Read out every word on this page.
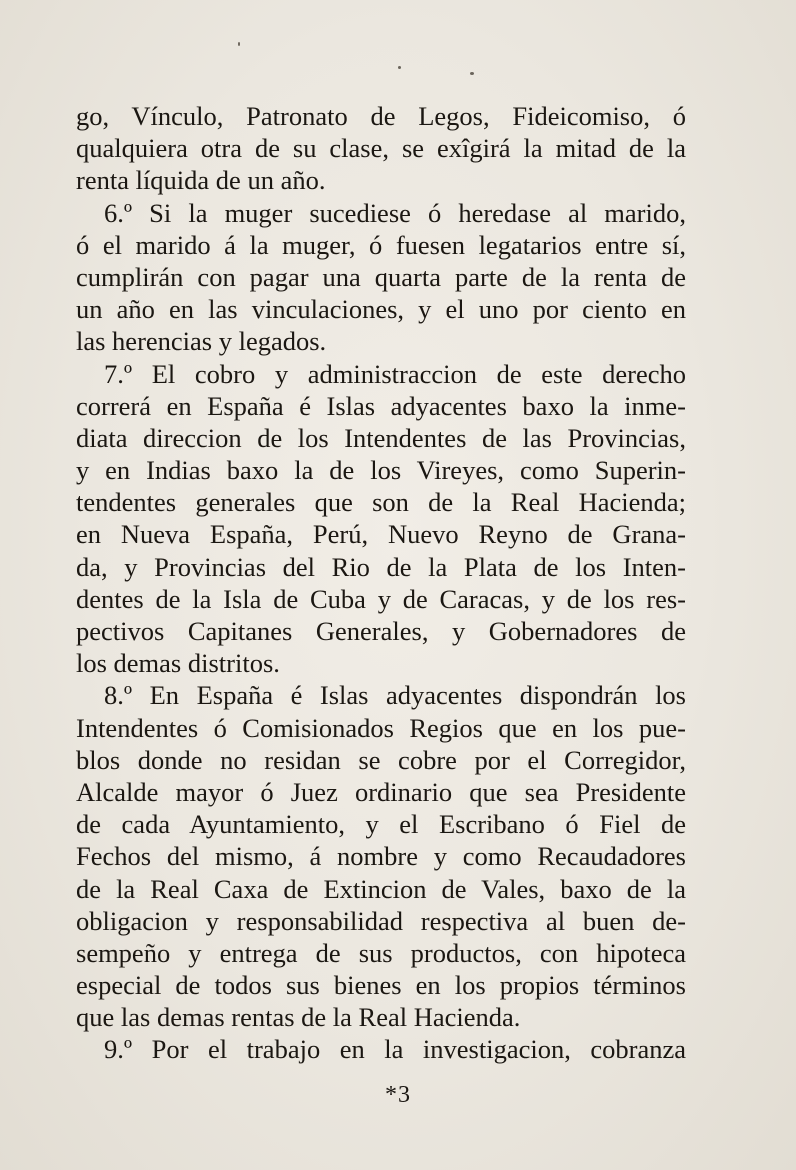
go, Vínculo, Patronato de Legos, Fideicomiso, ó
qualquiera otra de su clase, se exîgirá la mitad de la
renta líquida de un año.
6.º Si la muger sucediese ó heredase al marido,
ó el marido á la muger, ó fuesen legatarios entre sí,
cumplirán con pagar una quarta parte de la renta de
un año en las vinculaciones, y el uno por ciento en
las herencias y legados.
7.º El cobro y administraccion de este derecho
correrá en España é Islas adyacentes baxo la inme-
diata direccion de los Intendentes de las Provincias,
y en Indias baxo la de los Vireyes, como Superin-
tendentes generales que son de la Real Hacienda;
en Nueva España, Perú, Nuevo Reyno de Grana-
da, y Provincias del Rio de la Plata de los Inten-
dentes de la Isla de Cuba y de Caracas, y de los res-
pectivos Capitanes Generales, y Gobernadores de
los demas distritos.
8.º En España é Islas adyacentes dispondrán los
Intendentes ó Comisionados Regios que en los pue-
blos donde no residan se cobre por el Corregidor,
Alcalde mayor ó Juez ordinario que sea Presidente
de cada Ayuntamiento, y el Escribano ó Fiel de
Fechos del mismo, á nombre y como Recaudadores
de la Real Caxa de Extincion de Vales, baxo de la
obligacion y responsabilidad respectiva al buen de-
sempeño y entrega de sus productos, con hipoteca
especial de todos sus bienes en los propios términos
que las demas rentas de la Real Hacienda.
9.º Por el trabajo en la investigacion, cobranza
*3
